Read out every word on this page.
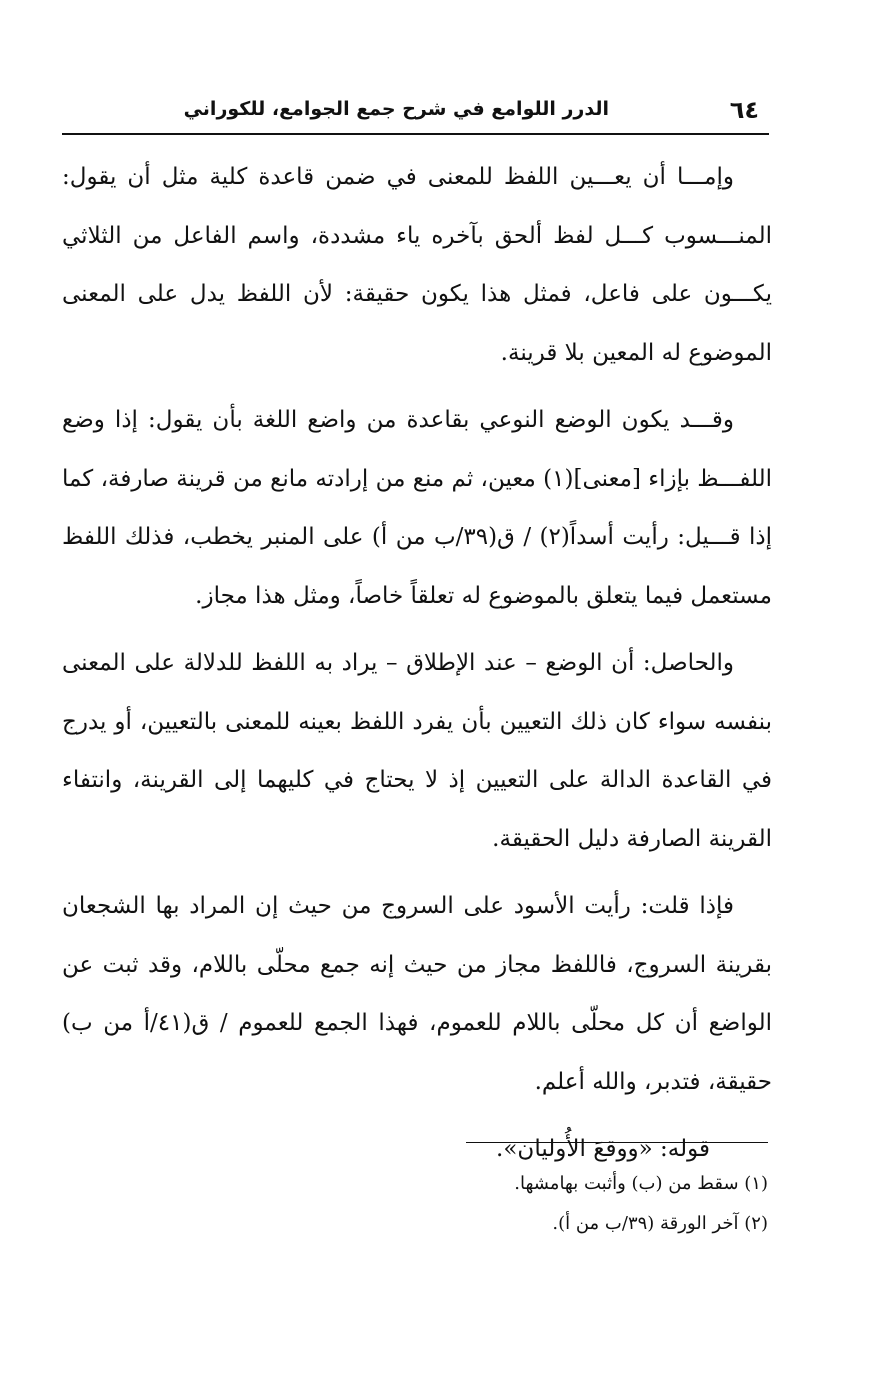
٦٤
الدرر اللوامع في شرح جمع الجوامع، للكوراني

وإمـــا أن يعـــين اللفظ للمعنى في ضمن قاعدة كلية مثل أن يقول: المنـــسوب كـــل لفظ ألحق بآخره ياء مشددة، واسم الفاعل من الثلاثي يكـــون على فاعل، فمثل هذا يكون حقيقة: لأن اللفظ يدل على المعنى الموضوع له المعين بلا قرينة.

وقـــد يكون الوضع النوعي بقاعدة من واضع اللغة بأن يقول: إذا وضع اللفـــظ بإزاء [معنى](١) معين، ثم منع من إرادته مانع من قرينة صارفة، كما إذا قـــيل: رأيت أسداً(٢) / ق(٣٩/ب من أ) على المنبر يخطب، فذلك اللفظ مستعمل فيما يتعلق بالموضوع له تعلقاً خاصاً، ومثل هذا مجاز.

والحاصل: أن الوضع – عند الإطلاق – يراد به اللفظ للدلالة على المعنى بنفسه سواء كان ذلك التعيين بأن يفرد اللفظ بعينه للمعنى بالتعيين، أو يدرج في القاعدة الدالة على التعيين إذ لا يحتاج في كليهما إلى القرينة، وانتفاء القرينة الصارفة دليل الحقيقة.

فإذا قلت: رأيت الأسود على السروج من حيث إن المراد بها الشجعان بقرينة السروج، فاللفظ مجاز من حيث إنه جمع محلّى باللام، وقد ثبت عن الواضع أن كل محلّى باللام للعموم، فهذا الجمع للعموم / ق(٤١/أ من ب) حقيقة، فتدبر، والله أعلم.

قوله: «ووقعَ الأُوليان».

(١) سقط من (ب) وأثبت بهامشها.

(٢) آخر الورقة (٣٩/ب من أ).
